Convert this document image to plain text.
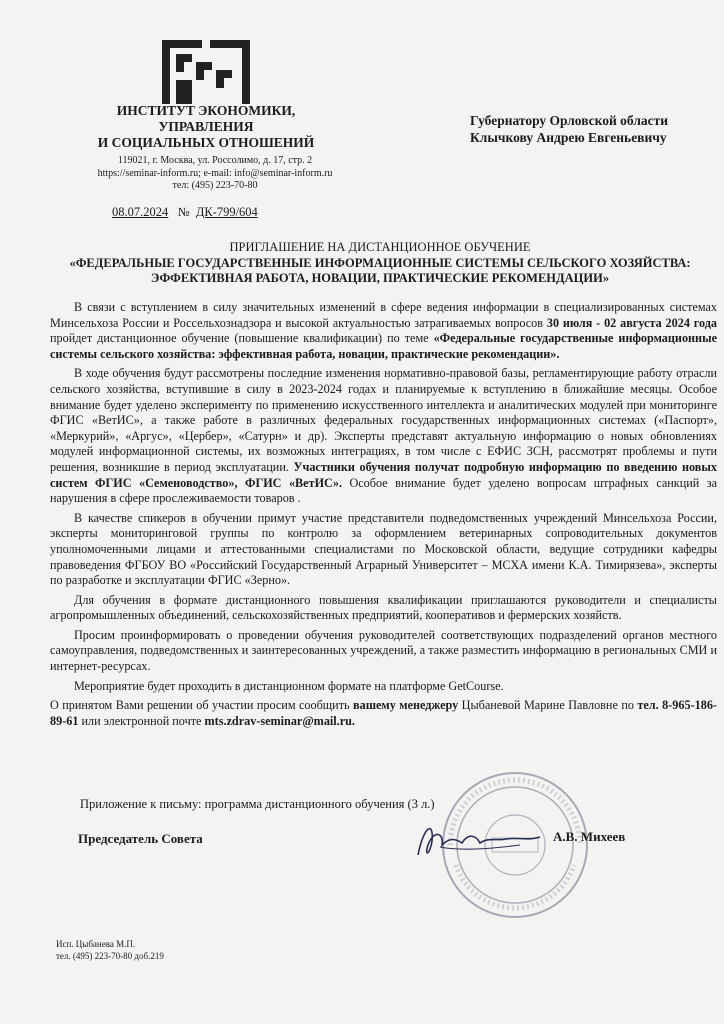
ИНСТИТУТ ЭКОНОМИКИ,
УПРАВЛЕНИЯ
И СОЦИАЛЬНЫХ ОТНОШЕНИЙ
119021, г. Москва, ул. Россолимо, д. 17, стр. 2
https://seminar-inform.ru; e-mail: info@seminar-inform.ru
тел: (495) 223-70-80
08.07.2024 № ДК-799/604
Губернатору Орловской области
Клычкову Андрею Евгеньевичу
ПРИГЛАШЕНИЕ НА ДИСТАНЦИОННОЕ ОБУЧЕНИЕ
«ФЕДЕРАЛЬНЫЕ ГОСУДАРСТВЕННЫЕ ИНФОРМАЦИОННЫЕ СИСТЕМЫ СЕЛЬСКОГО ХОЗЯЙСТВА: ЭФФЕКТИВНАЯ РАБОТА, НОВАЦИИ, ПРАКТИЧЕСКИЕ РЕКОМЕНДАЦИИ»

В связи с вступлением в силу значительных изменений в сфере ведения информации в специализированных системах Минсельхоза России и Россельхознадзора и высокой актуальностью затрагиваемых вопросов 30 июля - 02 августа 2024 года пройдет дистанционное обучение (повышение квалификации) по теме «Федеральные государственные информационные системы сельского хозяйства: эффективная работа, новации, практические рекомендации».

В ходе обучения будут рассмотрены последние изменения нормативно-правовой базы, регламентирующие работу отрасли сельского хозяйства, вступившие в силу в 2023-2024 годах и планируемые к вступлению в ближайшие месяцы. Особое внимание будет уделено эксперименту по применению искусственного интеллекта и аналитических модулей при мониторинге ФГИС «ВетИС», а также работе в различных федеральных государственных информационных системах («Паспорт», «Меркурий», «Аргус», «Цербер», «Сатурн» и др). Эксперты представят актуальную информацию о новых обновлениях модулей информационной системы, их возможных интеграциях, в том числе с ЕФИС ЗСН, рассмотрят проблемы и пути решения, возникшие в период эксплуатации. Участники обучения получат подробную информацию по введению новых систем ФГИС «Семеноводство», ФГИС «ВетИС». Особое внимание будет уделено вопросам штрафных санкций за нарушения в сфере прослеживаемости товаров .

В качестве спикеров в обучении примут участие представители подведомственных учреждений Минсельхоза России, эксперты мониторинговой группы по контролю за оформлением ветеринарных сопроводительных документов уполномоченными лицами и аттестованными специалистами по Московской области, ведущие сотрудники кафедры правоведения ФГБОУ ВО «Российский Государственный Аграрный Университет – МСХА имени К.А. Тимирязева», эксперты по разработке и эксплуатации ФГИС «Зерно».

Для обучения в формате дистанционного повышения квалификации приглашаются руководители и специалисты агропромышленных объединений, сельскохозяйственных предприятий, кооперативов и фермерских хозяйств.

Просим проинформировать о проведении обучения руководителей соответствующих подразделений органов местного самоуправления, подведомственных и заинтересованных учреждений, а также разместить информацию в региональных СМИ и интернет-ресурсах.

Мероприятие будет проходить в дистанционном формате на платформе GetCourse.

О принятом Вами решении об участии просим сообщить вашему менеджеру Цыбаневой Марине Павловне по тел. 8-965-186-89-61 или электронной почте mts.zdrav-seminar@mail.ru.

Приложение к письму: программа дистанционного обучения (3 л.)
Председатель Совета	А.В. Михеев
Исп. Цыбанева М.П.
тел. (495) 223-70-80 доб.219
